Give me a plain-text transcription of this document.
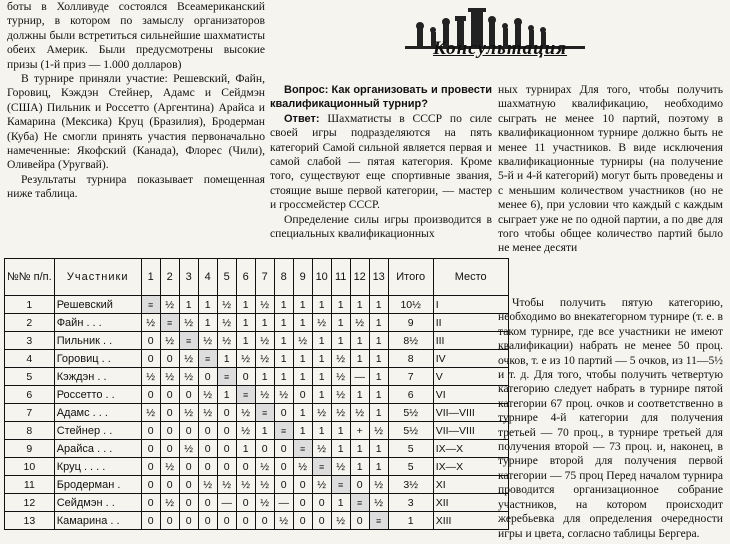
боты в Холливуде состоялся Всеамериканский турнир, в котором по замыслу организаторов должны были встретиться сильнейшие шахматисты обеих Америк. Были предусмотрены высокие призы (1-й приз — 1.000 долларов)

В турнире приняли участие: Решевский, Файн, Горовиц, Кэждэн Стейнер, Адамс и Сейдмэн (США) Пильник и Россетто (Аргентина) Арайса и Камарина (Мексика) Круц (Бразилия), Бродерман (Куба) Не смогли принять участия первоначально намеченные: Якофский (Канада), Флорес (Чили), Оливейра (Уругвай).

Результаты турнира показывает помещенная ниже таблица.

Консультация

Вопрос: Как организовать и провести квалификационный турнир?

Ответ: Шахматисты в СССР по силе своей игры подразделяются на пять категорий Самой сильной является первая и самой слабой — пятая категория. Кроме того, существуют еще спортивные звания, стоящие выше первой категории, — мастер и гроссмейстер СССР.

Определение силы игры производится в специальных квалификационных

ных турнирах Для того, чтобы получить шахматную квалификацию, необходимо сыграть не менее 10 партий, поэтому в квалификационном турнире должно быть не менее 11 участников. В виде исключения квалификационные турниры (на получение 5-й и 4-й категорий) могут быть проведены и с меньшим количеством участников (но не менее 6), при условии что каждый с каждым сыграет уже не по одной партии, а по две для того чтобы общее количество партий было не менее десяти

Чтобы получить пятую категорию, необходимо во внекатегорном турнире (т. е. в таком турнире, где все участники не имеют квалификации) набрать не менее 50 проц. очков, т. е из 10 партий — 5 очков, из 11—5½ и т. д. Для того, чтобы получить четвертую категорию следует набрать в турнире пятой категории 67 проц. очков и соответственно в турнире 4-й категории для получения третьей — 70 проц., в турнире третьей для получения второй — 73 проц. и, наконец, в турнире второй для получения первой категории — 75 проц Перед началом турнира проводится организационное собрание участников, на котором происходит жеребьевка для определения очередности игры и цвета, согласно таблицы Бергера.

№№ п/п.	Участники	1	2	3	4	5	6	7	8	9	10	11	12	13	Итого	Место
1	Решевский	≡	½	1	1	½	1	½	1	1	1	1	1	1	10½	I
2	Файн . . .	½	≡	½	1	½	1	1	1	1	½	1	½	1	9	II
3	Пильник . .	0	½	≡	½	½	1	½	1	½	1	1	1	1	8½	III
4	Горовиц . .	0	0	½	≡	1	½	½	1	1	1	½	1	1	8	IV
5	Кэждэн . .	½	½	½	0	≡	0	1	1	1	1	½	—	1	7	V
6	Россетто . .	0	0	0	½	1	≡	½	½	0	1	½	1	1	6	VI
7	Адамс . . .	½	0	½	½	0	½	≡	0	1	½	½	½	1	5½	VII—VIII
8	Стейнер . .	0	0	0	0	0	½	1	≡	1	1	1	+	½	5½	VII—VIII
9	Арайса . . .	0	0	½	0	0	1	0	0	≡	½	1	1	1	5	IX—X
10	Круц . . . .	0	½	0	0	0	0	½	0	½	≡	½	1	1	5	IX—X
11	Бродерман .	0	0	0	½	½	½	½	0	0	½	≡	0	½	3½	XI
12	Сейдмэн . .	0	½	0	0	—	0	½	—	0	0	1	≡	½	3	XII
13	Камарина . .	0	0	0	0	0	0	0	½	0	0	½	0	≡	1	XIII
